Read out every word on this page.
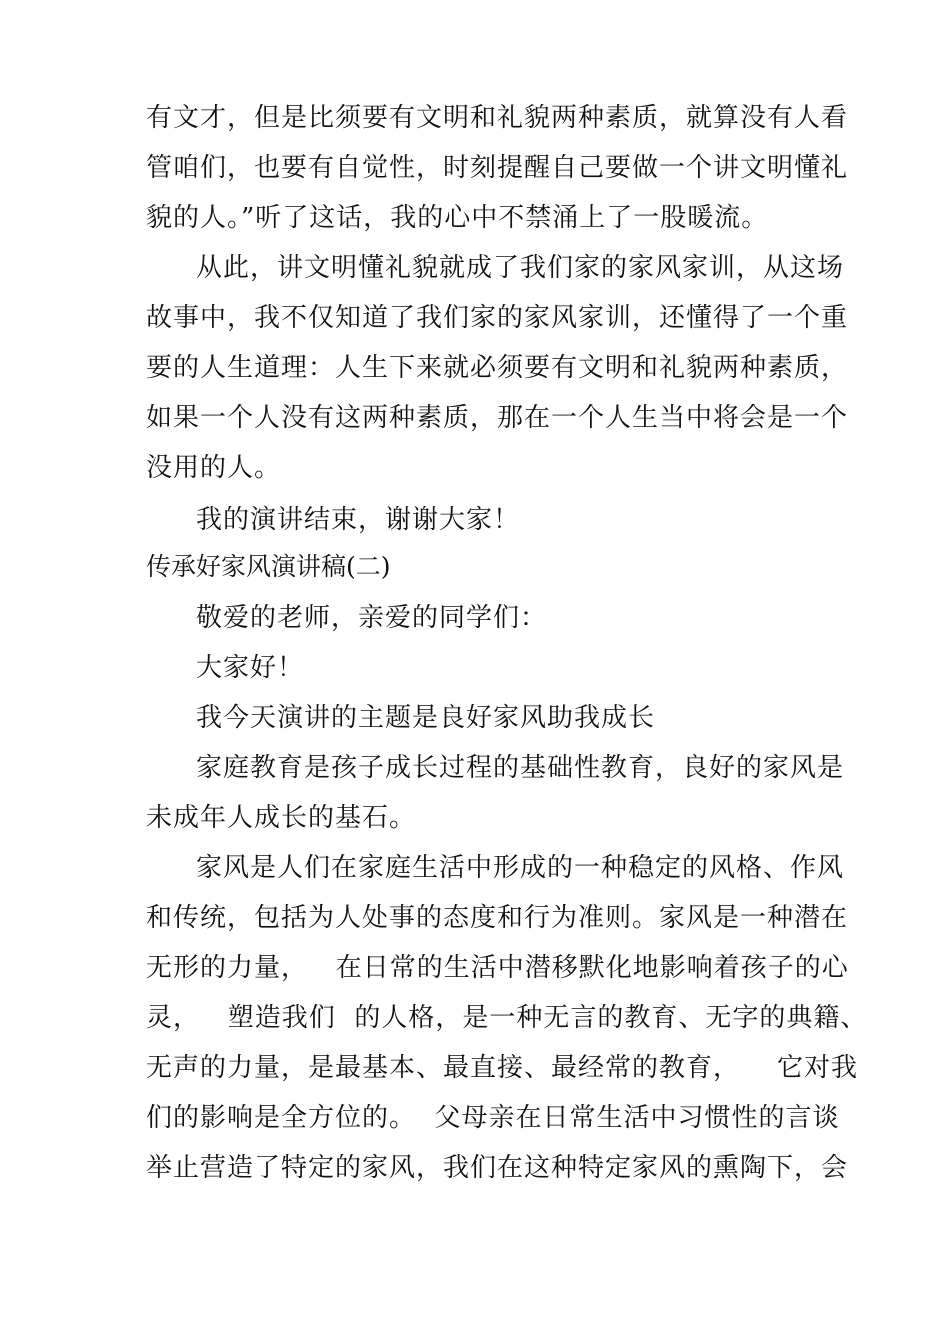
有文才，但是比须要有文明和礼貌两种素质，就算没有人看
管咱们，也要有自觉性，时刻提醒自己要做一个讲文明懂礼
貌的人。”听了这话，我的心中不禁涌上了一股暖流。
从此，讲文明懂礼貌就成了我们家的家风家训，从这场
故事中，我不仅知道了我们家的家风家训，还懂得了一个重
要的人生道理：人生下来就必须要有文明和礼貌两种素质，
如果一个人没有这两种素质，那在一个人生当中将会是一个
没用的人。
我的演讲结束，谢谢大家！
传承好家风演讲稿(二)
敬爱的老师，亲爱的同学们：
大家好！
我今天演讲的主题是良好家风助我成长
家庭教育是孩子成长过程的基础性教育，良好的家风是
未成年人成长的基石。
家风是人们在家庭生活中形成的一种稳定的风格、作风
和传统，包括为人处事的态度和行为准则。家风是一种潜在
无形的力量，   在日常的生活中潜移默化地影响着孩子的心
灵，   塑造我们  的人格，是一种无言的教育、无字的典籍、
无声的力量，是最基本、最直接、最经常的教育，    它对我
们的影响是全方位的。  父母亲在日常生活中习惯性的言谈
举止营造了特定的家风，我们在这种特定家风的熏陶下，会
